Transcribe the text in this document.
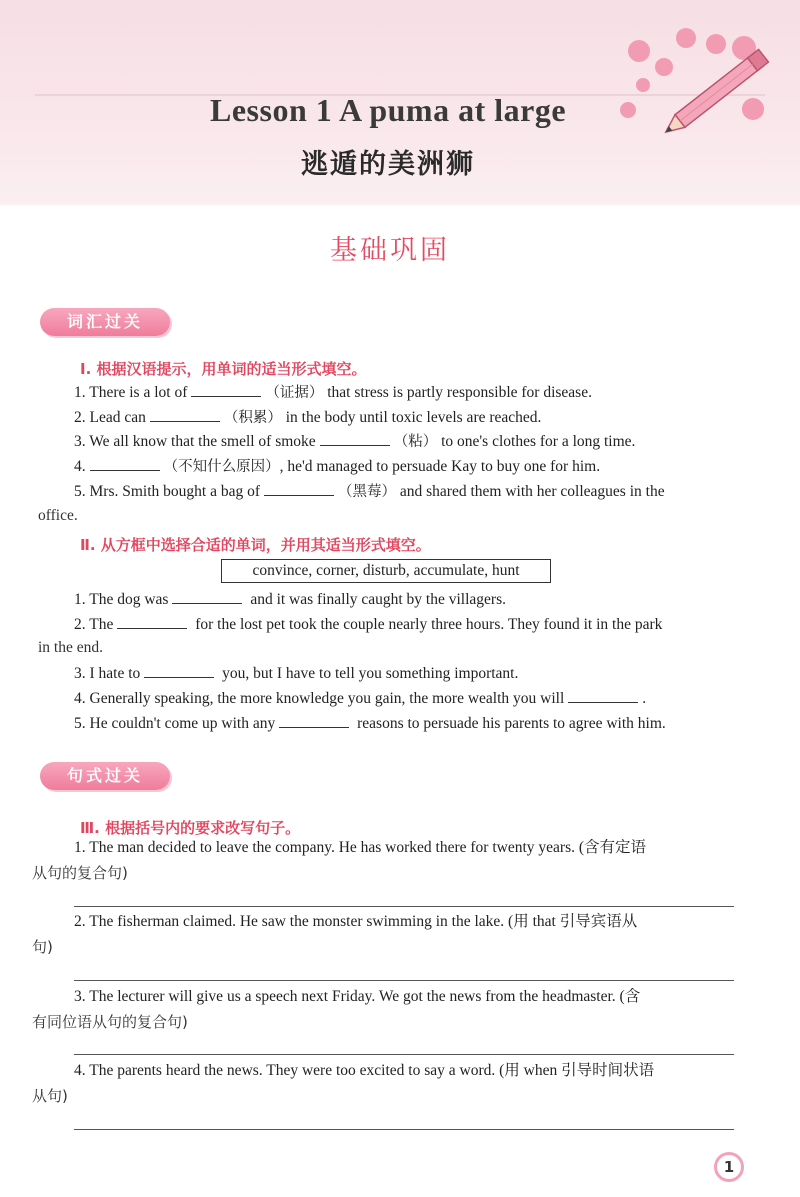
Lesson 1 A puma at large
逃遁的美洲狮
基础巩固
词汇过关
Ⅰ. 根据汉语提示，用单词的适当形式填空。
1. There is a lot of	（证据） that stress is partly responsible for disease.
2. Lead can	（积累） in the body until toxic levels are reached.
3. We all know that the smell of smoke	（粘） to one's clothes for a long time.
4.	（不知什么原因）, he'd managed to persuade Kay to buy one for him.
5. Mrs. Smith bought a bag of	（黑莓） and shared them with her colleagues in the
office.
Ⅱ. 从方框中选择合适的单词，并用其适当形式填空。
convince, corner, disturb, accumulate, hunt
1. The dog was	and it was finally caught by the villagers.
2. The	for the lost pet took the couple nearly three hours. They found it in the park
in the end.
3. I hate to	you, but I have to tell you something important.
4. Generally speaking, the more knowledge you gain, the more wealth you will	.
5. He couldn't come up with any	reasons to persuade his parents to agree with him.
句式过关
Ⅲ. 根据括号内的要求改写句子。
1. The man decided to leave the company. He has worked there for twenty years. (含有定语
从句的复合句)
2. The fisherman claimed. He saw the monster swimming in the lake. (用 that 引导宾语从
句)
3. The lecturer will give us a speech next Friday. We got the news from the headmaster. (含
有同位语从句的复合句)
4. The parents heard the news. They were too excited to say a word. (用 when 引导时间状语
从句)
1
